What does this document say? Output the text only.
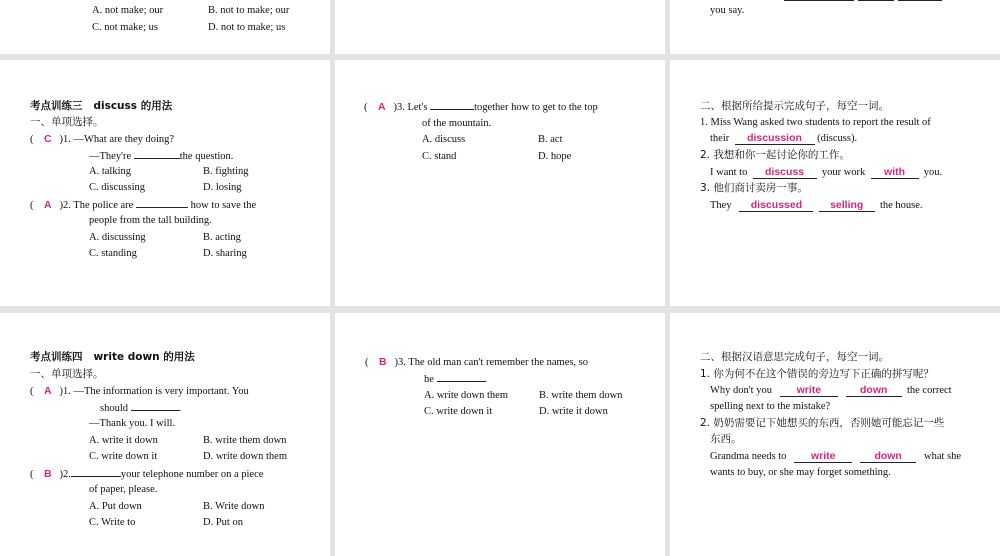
A. not make; our	B. not to make; our
C. not make; us	D. not to make; us
you say.
考点训练三 discuss 的用法
一、单项选择。
(    C )1. —What are they doing?
—They're	the question.
A. talking	B. fighting
C. discussing	D. losing
(    A )2. The police are	how to save the
people from the tall building.
A. discussing	B. acting
C. standing	D. sharing
(    A )3. Let's	together how to get to the top
of the mountain.
A. discuss	B. act
C. stand	D. hope
二、根据所给提示完成句子，每空一词。
1. Miss Wang asked two students to report the result of
their discussion (discuss).
2. 我想和你一起讨论你的工作。
I want to discuss your work with you.
3. 他们商讨卖房一事。
They discussed	selling the house.
考点训练四 write down 的用法
一、单项选择。
(    A )1. —The information is very important. You
should	.
—Thank you. I will.
A. write it down	B. write them down
C. write down it	D. write down them
(    B )2.	your telephone number on a piece
of paper, please.
A. Put down	B. Write down
C. Write to	D. Put on
(    B )3. The old man can't remember the names, so
he	.
A. write down them	B. write them down
C. write down it	D. write it down
二、根据汉语意思完成句子，每空一词。
1. 你为何不在这个错误的旁边写下正确的拼写呢？
Why don't you write	down the correct
spelling next to the mistake?
2. 奶奶需要记下她想买的东西，否则她可能忘记一些
东西。
Grandma needs to write	down what she
wants to buy, or she may forget something.
